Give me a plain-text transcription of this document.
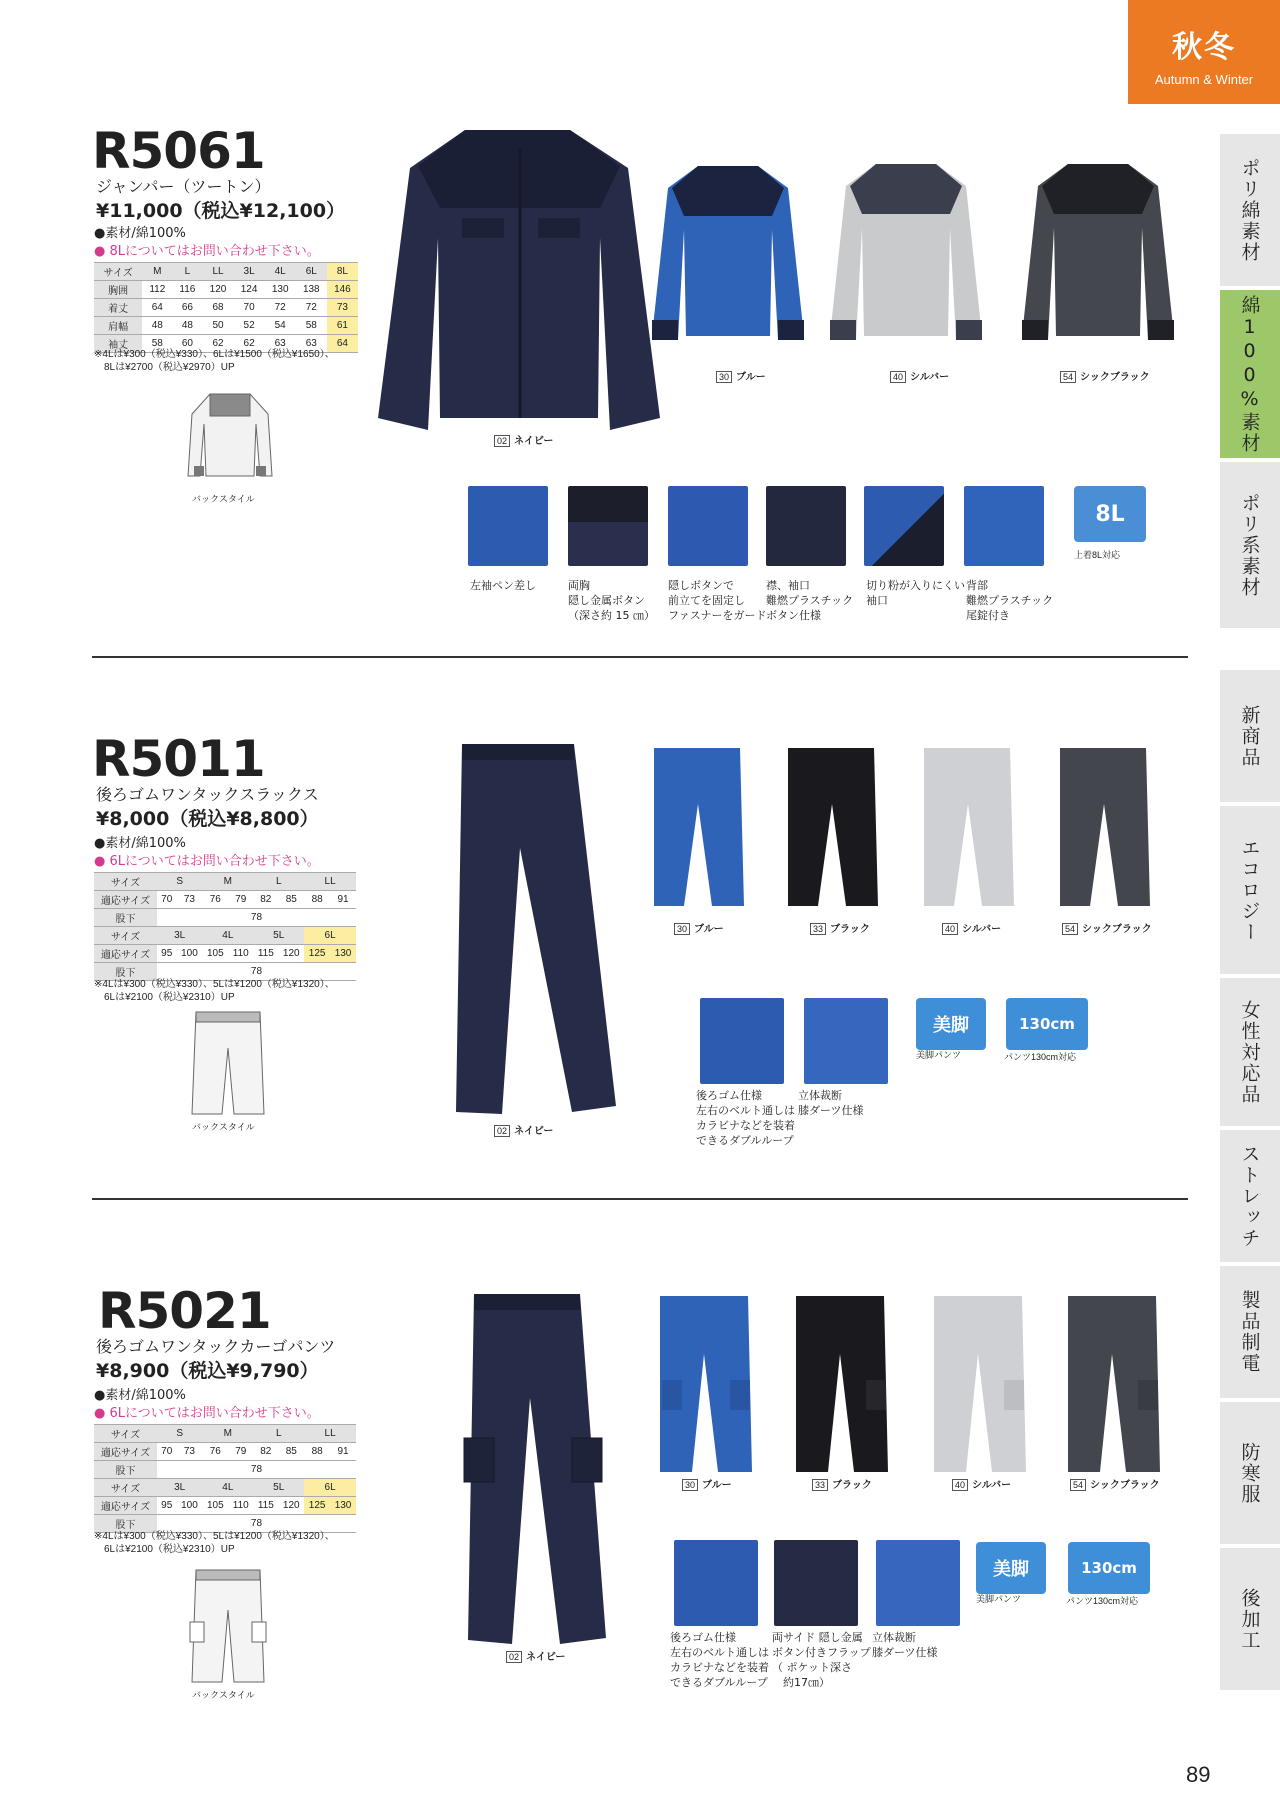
秋冬
Autumn & Winter
ポリ綿素材
綿100%素材
ポリ系素材
新商品
エコロジー
女性対応品
ストレッチ
製品制電
防寒服
後加工
R5061
ジャンパー（ツートン）
¥11,000（税込¥12,100）
●素材/綿100%
● 8Lについてはお問い合わせ下さい。
サイズ	M	L	LL	3L	4L	6L	8L
胸囲	112	116	120	124	130	138	146
着丈	64	66	68	70	72	72	73
肩幅	48	48	50	52	54	58	61
袖丈	58	60	62	62	63	63	64
※4Lは¥300（税込¥330）、6Lは¥1500（税込¥1650）、
8Lは¥2700（税込¥2970）UP
バックスタイル
02 ネイビー
30 ブルー	40 シルバー	54 シックブラック
左袖ペン差し	両胸
隠し金属ボタン
（深さ約 15 ㎝）
隠しボタンで
前立てを固定し
ファスナーをガード
襟、袖口
難燃プラスチック
ボタン仕様
切り粉が入りにくい
袖口
背部
難燃プラスチック
尾錠付き
8L
上着8L対応
R5011
後ろゴムワンタックスラックス
¥8,000（税込¥8,800）
●素材/綿100%
● 6Lについてはお問い合わせ下さい。
サイズ	S		M		L		LL	
適応サイズ	70	73	76	79	82	85	88	91
股下	78							
サイズ	3L		4L		5L		6L	
適応サイズ	95	100	105	110	115	120	125	130
股下	78							
※4Lは¥300（税込¥330）、5Lは¥1200（税込¥1320）、
6Lは¥2100（税込¥2310）UP
バックスタイル	02 ネイビー
30 ブルー	33 ブラック	40 シルバー	54 シックブラック
後ろゴム仕様
左右のベルト通しは
カラビナなどを装着
できるダブルループ
立体裁断
膝ダーツ仕様
美脚
美脚パンツ
130cm
パンツ130cm対応
R5021
後ろゴムワンタックカーゴパンツ
¥8,900（税込¥9,790）
●素材/綿100%
● 6Lについてはお問い合わせ下さい。
サイズ	S		M		L		LL	
適応サイズ	70	73	76	79	82	85	88	91
股下	78							
サイズ	3L		4L		5L		6L	
適応サイズ	95	100	105	110	115	120	125	130
股下	78							
※4Lは¥300（税込¥330）、5Lは¥1200（税込¥1320）、
6Lは¥2100（税込¥2310）UP
バックスタイル
02 ネイビー
30 ブルー	33 ブラック	40 シルバー	54 シックブラック
後ろゴム仕様
左右のベルト通しは
カラビナなどを装着
できるダブルループ
両サイド 隠し金属
ボタン付きフラップ
（ ポケット深さ
　約17㎝）
立体裁断
膝ダーツ仕様
美脚
美脚パンツ
130cm
パンツ130cm対応
89
